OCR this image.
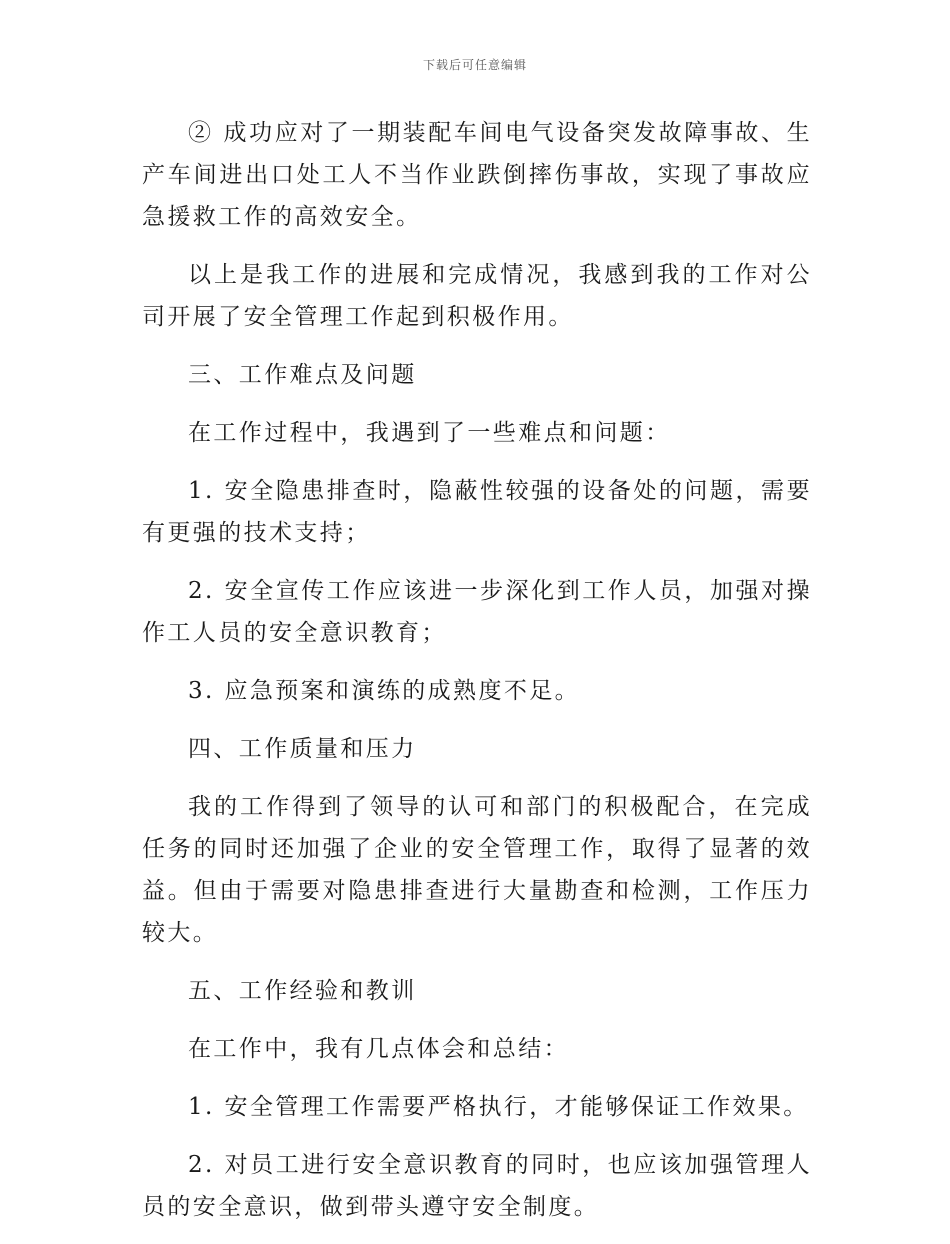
下载后可任意编辑

② 成功应对了一期装配车间电气设备突发故障事故、生产车间进出口处工人不当作业跌倒摔伤事故，实现了事故应急援救工作的高效安全。

以上是我工作的进展和完成情况，我感到我的工作对公司开展了安全管理工作起到积极作用。

三、工作难点及问题

在工作过程中，我遇到了一些难点和问题：

1. 安全隐患排查时，隐蔽性较强的设备处的问题，需要有更强的技术支持；

2. 安全宣传工作应该进一步深化到工作人员，加强对操作工人员的安全意识教育；

3. 应急预案和演练的成熟度不足。

四、工作质量和压力

我的工作得到了领导的认可和部门的积极配合，在完成任务的同时还加强了企业的安全管理工作，取得了显著的效益。但由于需要对隐患排查进行大量勘查和检测，工作压力较大。

五、工作经验和教训

在工作中，我有几点体会和总结：

1. 安全管理工作需要严格执行，才能够保证工作效果。

2. 对员工进行安全意识教育的同时，也应该加强管理人员的安全意识，做到带头遵守安全制度。
